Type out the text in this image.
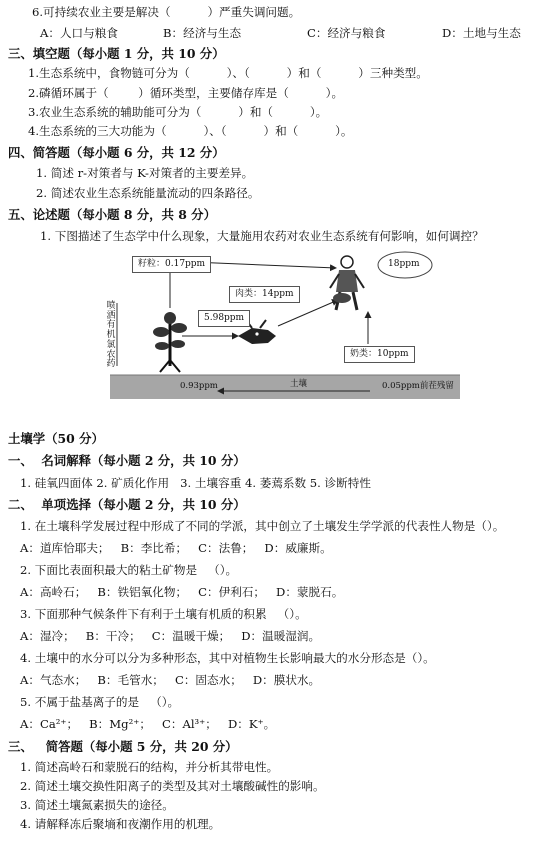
6.可持续农业主要是解决（          ）严重失调问题。
A：人口与粮食	B：经济与生态	C：经济与粮食	D：土地与生态
三、填空题（每小题 1 分，共 10 分）
1.生态系统中，食物链可分为（          ）、（          ）和（          ）三种类型。
2.磷循环属于（        ）循环类型，主要储存库是（          ）。
3.农业生态系统的辅助能可分为（          ）和（          ）。
4.生态系统的三大功能为（          ）、（          ）和（          ）。
四、简答题（每小题 6 分，共 12 分）
1. 简述 r-对策者与 K-对策者的主要差异。
2. 简述农业生态系统能量流动的四条路径。
五、论述题（每小题 8 分，共 8 分）
1. 下图描述了生态学中什么现象，大量施用农药对农业生态系统有何影响，如何调控？
籽粒：0.17ppm
喷洒有机氯农药
5.98ppm
肉类：14ppm
18ppm
奶类：10ppm
0.93ppm	土壤	0.05ppm前茬残留
土壤学（50 分）
一、  名词解释（每小题 2 分，共 10 分）
1. 硅氧四面体 2. 矿质化作用   3. 土壤容重 4. 萎蔫系数 5. 诊断特性
二、  单项选择（每小题 2 分，共 10 分）
1. 在土壤科学发展过程中形成了不同的学派，其中创立了土壤发生学学派的代表性人物是（）。
A：道库恰耶夫；   B：李比希；   C：法鲁；   D：威廉斯。
2. 下面比表面积最大的粘土矿物是   （）。
A：高岭石；   B：铁铝氧化物；   C：伊利石；   D：蒙脱石。
3. 下面那种气候条件下有利于土壤有机质的积累   （）。
A：湿冷；   B：干冷；   C：温暖干燥；   D：温暖湿润。
4. 土壤中的水分可以分为多种形态，其中对植物生长影响最大的水分形态是（）。
A：气态水；   B：毛管水；   C：固态水；   D：膜状水。
5. 不属于盐基离子的是   （）。
A：Ca²⁺；   B：Mg²⁺；   C：Al³⁺；   D：K⁺。
三、   简答题（每小题 5 分，共 20 分）
1. 简述高岭石和蒙脱石的结构，并分析其带电性。
2. 简述土壤交换性阳离子的类型及其对土壤酸碱性的影响。
3. 简述土壤氮素损失的途径。
4. 请解释冻后聚墒和夜潮作用的机理。
